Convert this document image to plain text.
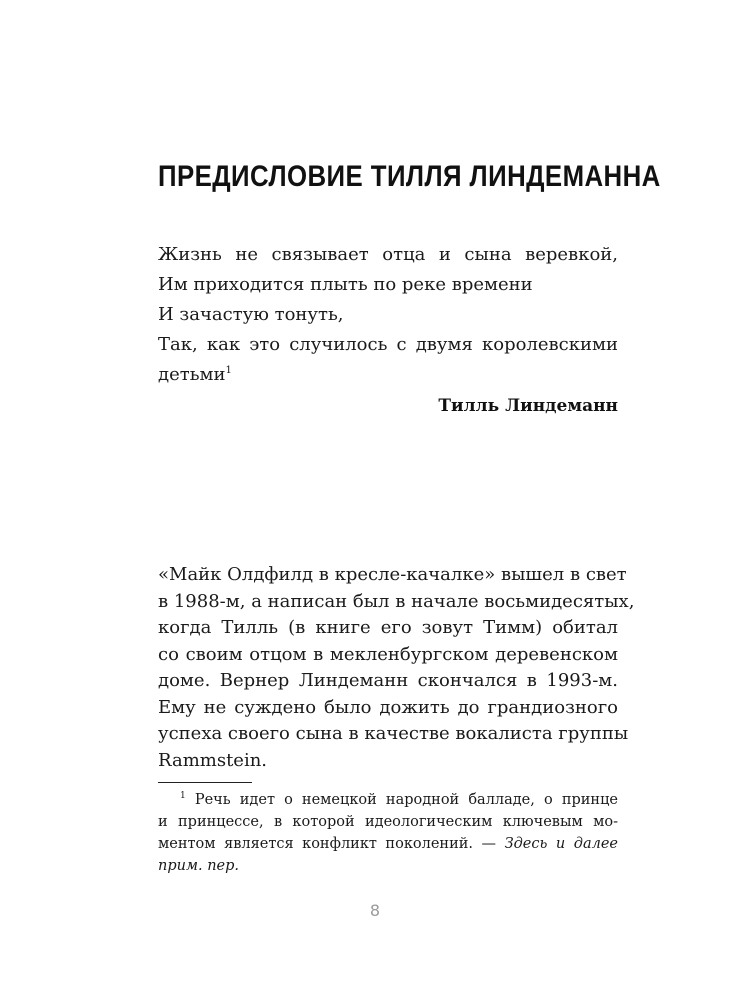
ПРЕДИСЛОВИЕ ТИЛЛЯ ЛИНДЕМАННА
Жизнь не связывает отца и сына веревкой,
Им приходится плыть по реке времени
И зачастую тонуть,
Так, как это случилось с двумя королевскими
детьми$^1$
Тилль Линдеманн
«Майк Олдфилд в кресле-качалке» вышел в свет
в 1988-м, а написан был в начале восьмидесятых,
когда Тилль (в книге его зовут Тимм) обитал
со своим отцом в мекленбургском деревенском
доме. Вернер Линдеманн скончался в 1993-м.
Ему не суждено было дожить до грандиозного
успеха своего сына в качестве вокалиста группы
Rammstein.
$^1$ Речь идет о немецкой народной балладе, о принце
и принцессе, в которой идеологическим ключевым мо-
ментом является конфликт поколений. — Здесь и далее
прим. пер.
8
